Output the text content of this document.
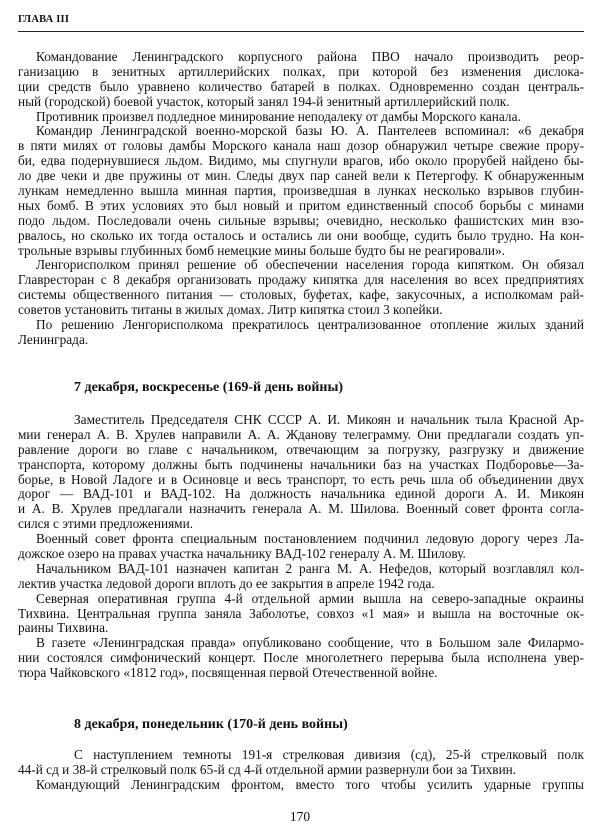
ГЛАВА III
Командование Ленинградского корпусного района ПВО начало производить реор-
ганизацию в зенитных артиллерийских полках, при которой без изменения дислока-
ции средств было уравнено количество батарей в полках. Одновременно создан централь-
ный (городской) боевой участок, который занял 194-й зенитный артиллерийский полк.
Противник произвел подледное минирование неподалеку от дамбы Морского канала.
Командир Ленинградской военно-морской базы Ю. А. Пантелеев вспоминал: «6 декабря
в пяти милях от головы дамбы Морского канала наш дозор обнаружил четыре свежие прору-
би, едва подернувшиеся льдом. Видимо, мы спугнули врагов, ибо около прорубей найдено бы-
ло две чеки и две пружины от мин. Следы двух пар саней вели к Петергофу. К обнаруженным
лункам немедленно вышла минная партия, произведшая в лунках несколько взрывов глубин-
ных бомб. В этих условиях это был новый и притом единственный способ борьбы с минами
подо льдом. Последовали очень сильные взрывы; очевидно, несколько фашистских мин взо-
рвалось, но сколько их тогда осталось и остались ли они вообще, судить было трудно. На кон-
трольные взрывы глубинных бомб немецкие мины больше будто бы не реагировали».
Ленгорисполком принял решение об обеспечении населения города кипятком. Он обязал
Главресторан с 8 декабря организовать продажу кипятка для населения во всех предприятиях
системы общественного питания — столовых, буфетах, кафе, закусочных, а исполкомам рай-
советов установить титаны в жилых домах. Литр кипятка стоил 3 копейки.
По решению Ленгорисполкома прекратилось централизованное отопление жилых зданий
Ленинграда.
7 декабря, воскресенье (169-й день войны)
Заместитель Председателя СНК СССР А. И. Микоян и начальник тыла Красной Ар-
мии генерал А. В. Хрулев направили А. А. Жданову телеграмму. Они предлагали создать уп-
равление дороги во главе с начальником, отвечающим за погрузку, разгрузку и движение
транспорта, которому должны быть подчинены начальники баз на участках Подборовье—За-
борье, в Новой Ладоге и в Осиновце и весь транспорт, то есть речь шла об объединении двух
дорог — ВАД-101 и ВАД-102. На должность начальника единой дороги А. И. Микоян
и А. В. Хрулев предлагали назначить генерала А. М. Шилова. Военный совет фронта согла-
сился с этими предложениями.
Военный совет фронта специальным постановлением подчинил ледовую дорогу через Ла-
дожское озеро на правах участка начальнику ВАД-102 генералу А. М. Шилову.
Начальником ВАД-101 назначен капитан 2 ранга М. А. Нефедов, который возглавлял кол-
лектив участка ледовой дороги вплоть до ее закрытия в апреле 1942 года.
Северная оперативная группа 4-й отдельной армии вышла на северо-западные окраины
Тихвина. Центральная группа заняла Заболотье, совхоз «1 мая» и вышла на восточные ок-
раины Тихвина.
В газете «Ленинградская правда» опубликовано сообщение, что в Большом зале Филармо-
нии состоялся симфонический концерт. После многолетнего перерыва была исполнена увер-
тюра Чайковского «1812 год», посвященная первой Отечественной войне.
8 декабря, понедельник (170-й день войны)
С наступлением темноты 191-я стрелковая дивизия (сд), 25-й стрелковый полк
44-й сд и 38-й стрелковый полк 65-й сд 4-й отдельной армии развернули бои за Тихвин.
Командующий Ленинградским фронтом, вместо того чтобы усилить ударные группы
170
